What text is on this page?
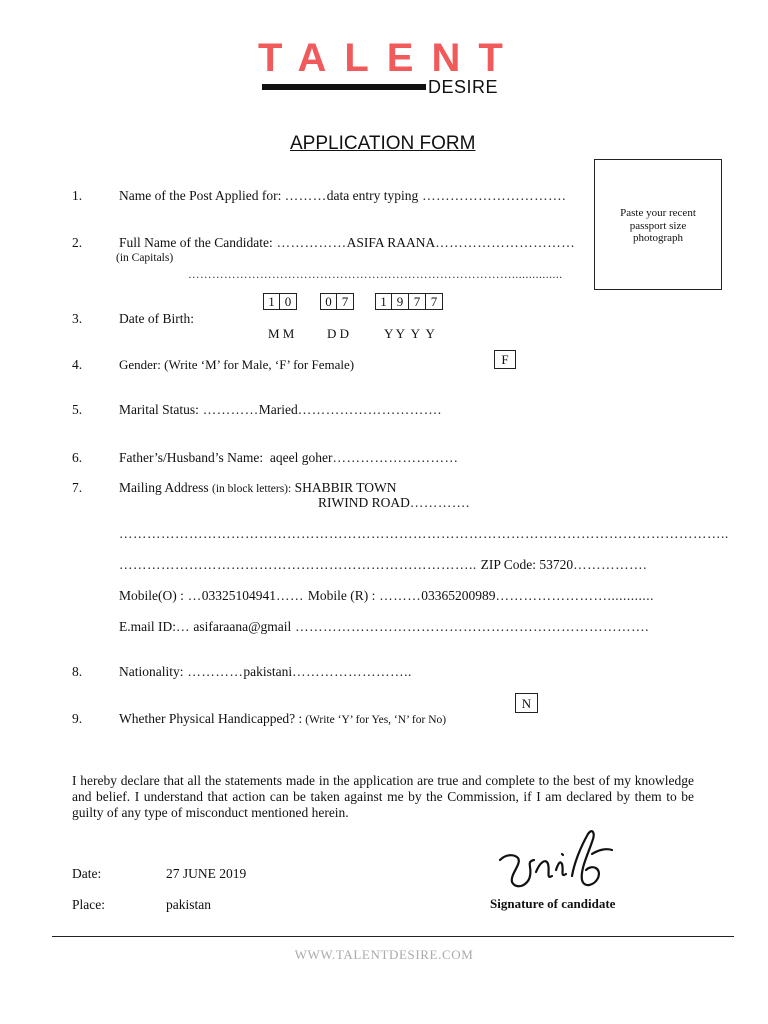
TALENT
DESIRE
APPLICATION FORM
Paste your recent passport size photograph
1.	Name of the Post Applied for: ………data entry typing ………………………….
2.	Full Name of the Candidate: ……………ASIFA RAANA…………………………
(in Capitals)
………………………………………………………………………...............
1 0	0 7	1 9 7 7
3.	Date of Birth:
M M	D D	Y Y  Y  Y
F
4.	Gender: (Write ‘M’ for Male, ‘F’ for Female)
5.	Marital Status: …………Maried………………………….
6.	Father’s/Husband’s Name:  aqeel goher………………………
7.	Mailing Address (in block letters): SHABBIR TOWN
RIWIND ROAD………….
…………………………………………………………………………………………………………………..
………………………………………………………………….. ZIP Code: 53720…………….
Mobile(O) : …03325104941…… Mobile (R) : ………03365200989……………………............
E.mail ID:… asifaraana@gmail ………………………………………………………………….
8.	Nationality: …………pakistani……………………..
N
9.	Whether Physical Handicapped? : (Write ‘Y’ for Yes, ‘N’ for No)
I hereby declare that all the statements made in the application are true and complete to the best of my knowledge and belief. I understand that action can be taken against me by the Commission, if I am declared by them to be guilty of any type of misconduct mentioned herein.
Date:	27 JUNE 2019
Place:	pakistan	Signature of candidate
WWW.TALENTDESIRE.COM
